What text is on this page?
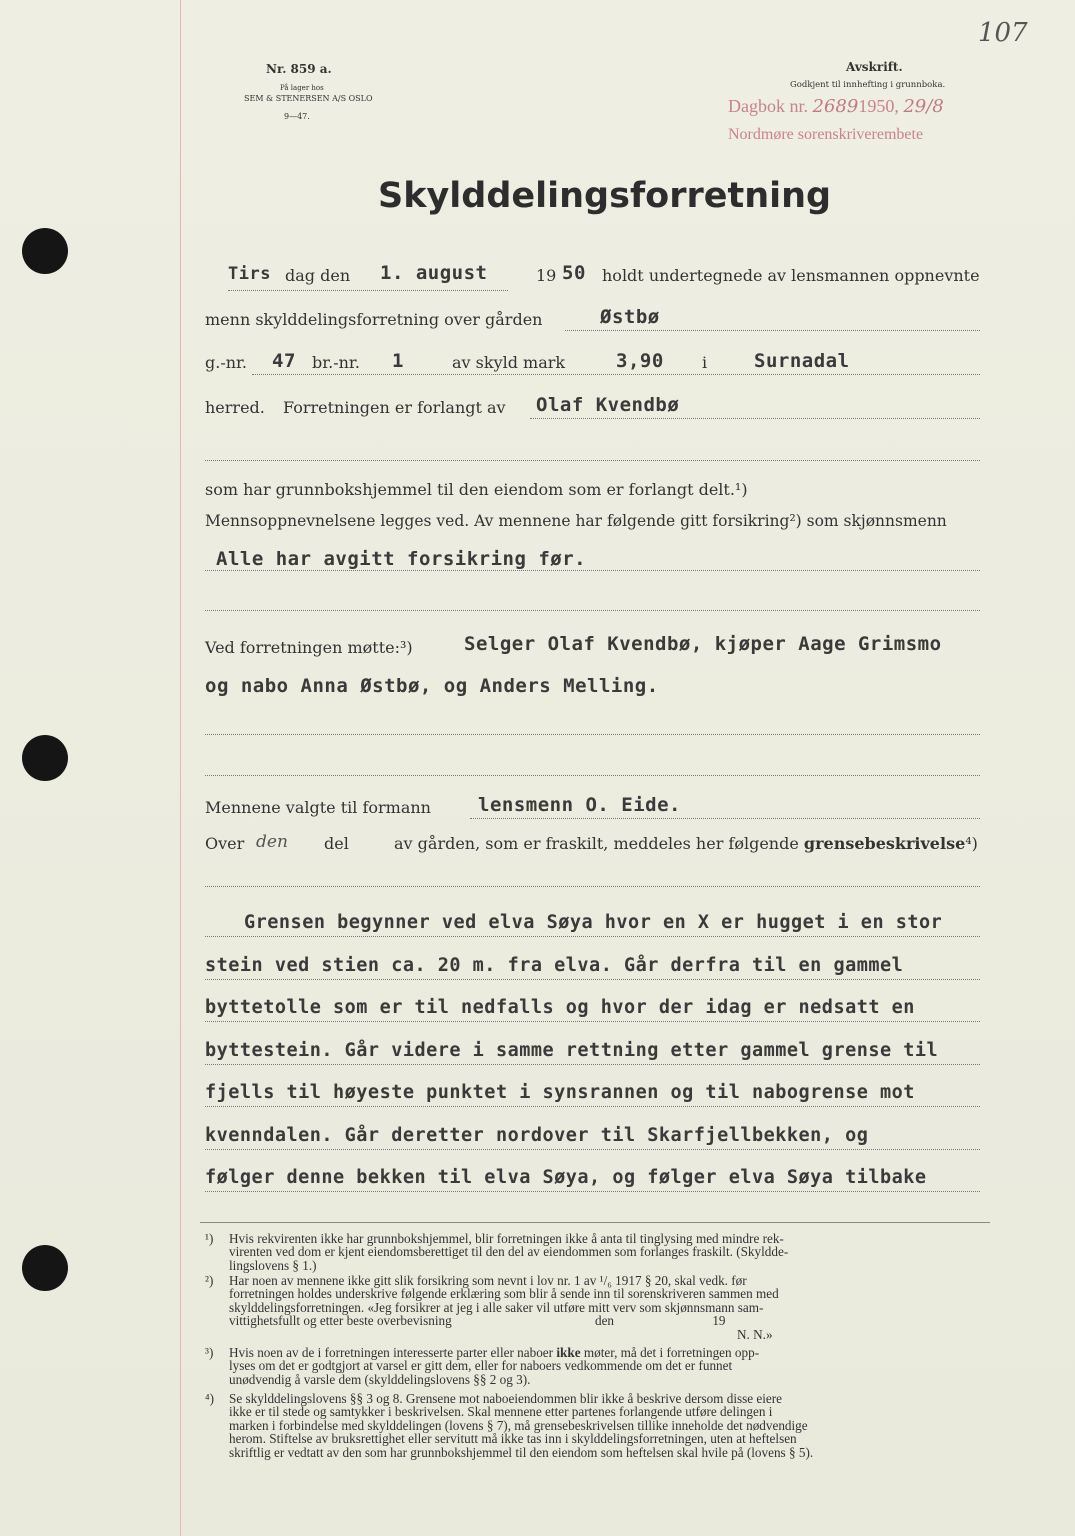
107
Nr. 859 a.
På lager hos
SEM & STENERSEN A/S OSLO
9—47.
Avskrift.
Godkjent til innhefting i grunnboka.
Dagbok nr. 26891950, 29/8
Nordmøre sorenskriverembete
Skylddelingsforretning
Tirs dag den 1. august	19 50 holdt undertegnede av lensmannen oppnevnte
menn skylddelingsforretning over gården	Østbø
g.-nr. 47 br.-nr. 1	av skyld mark	3,90 i Surnadal
herred. Forretningen er forlangt av Olaf Kvendbø
som har grunnbokshjemmel til den eiendom som er forlangt delt.¹)
Mennsoppnevnelsene legges ved. Av mennene har følgende gitt forsikring²) som skjønnsmenn
Alle har avgitt forsikring før.
Ved forretningen møtte:³)	Selger Olaf Kvendbø, kjøper Aage Grimsmo
og nabo Anna Østbø, og Anders Melling.
Mennene valgte til formann lensmenn O. Eide.
Over den del	av gården, som er fraskilt, meddeles her følgende grensebeskrivelse⁴)
Grensen begynner ved elva Søya hvor en X er hugget i en stor
stein ved stien ca. 20 m. fra elva. Går derfra til en gammel
byttetolle som er til nedfalls og hvor der idag er nedsatt en
byttestein. Går videre i samme rettning etter gammel grense til
fjells til høyeste punktet i synsrannen og til nabogrense mot
kvenndalen. Går deretter nordover til Skarfjellbekken, og
følger denne bekken til elva Søya, og følger elva Søya tilbake
¹) Hvis rekvirenten ikke har grunnbokshjemmel, blir forretningen ikke å anta til tinglysing med mindre rek-
virenten ved dom er kjent eiendomsberettiget til den del av eiendommen som forlanges fraskilt. (Skyldde-
lingslovens § 1.)
²) Har noen av mennene ikke gitt slik forsikring som nevnt i lov nr. 1 av ¹/₆ 1917 § 20, skal vedk. før
forretningen holdes underskrive følgende erklæring som blir å sende inn til sorenskriveren sammen med
skylddelingsforretningen. «Jeg forsikrer at jeg i alle saker vil utføre mitt verv som skjønnsmann sam-
vittighetsfullt og etter beste overbevisning	den	19
N. N.»
³) Hvis noen av de i forretningen interesserte parter eller naboer ikke møter, må det i forretningen opp-
lyses om det er godtgjort at varsel er gitt dem, eller for naboers vedkommende om det er funnet
unødvendig å varsle dem (skylddelingslovens §§ 2 og 3).
⁴) Se skylddelingslovens §§ 3 og 8. Grensene mot naboeiendommen blir ikke å beskrive dersom disse eiere
ikke er til stede og samtykker i beskrivelsen. Skal mennene etter partenes forlangende utføre delingen i
marken i forbindelse med skylddelingen (lovens § 7), må grensebeskrivelsen tillike inneholde det nødvendige
herom. Stiftelse av bruksrettighet eller servitutt må ikke tas inn i skylddelingsforretningen, uten at heftelsen
skriftlig er vedtatt av den som har grunnbokshjemmel til den eiendom som heftelsen skal hvile på (lovens § 5).
